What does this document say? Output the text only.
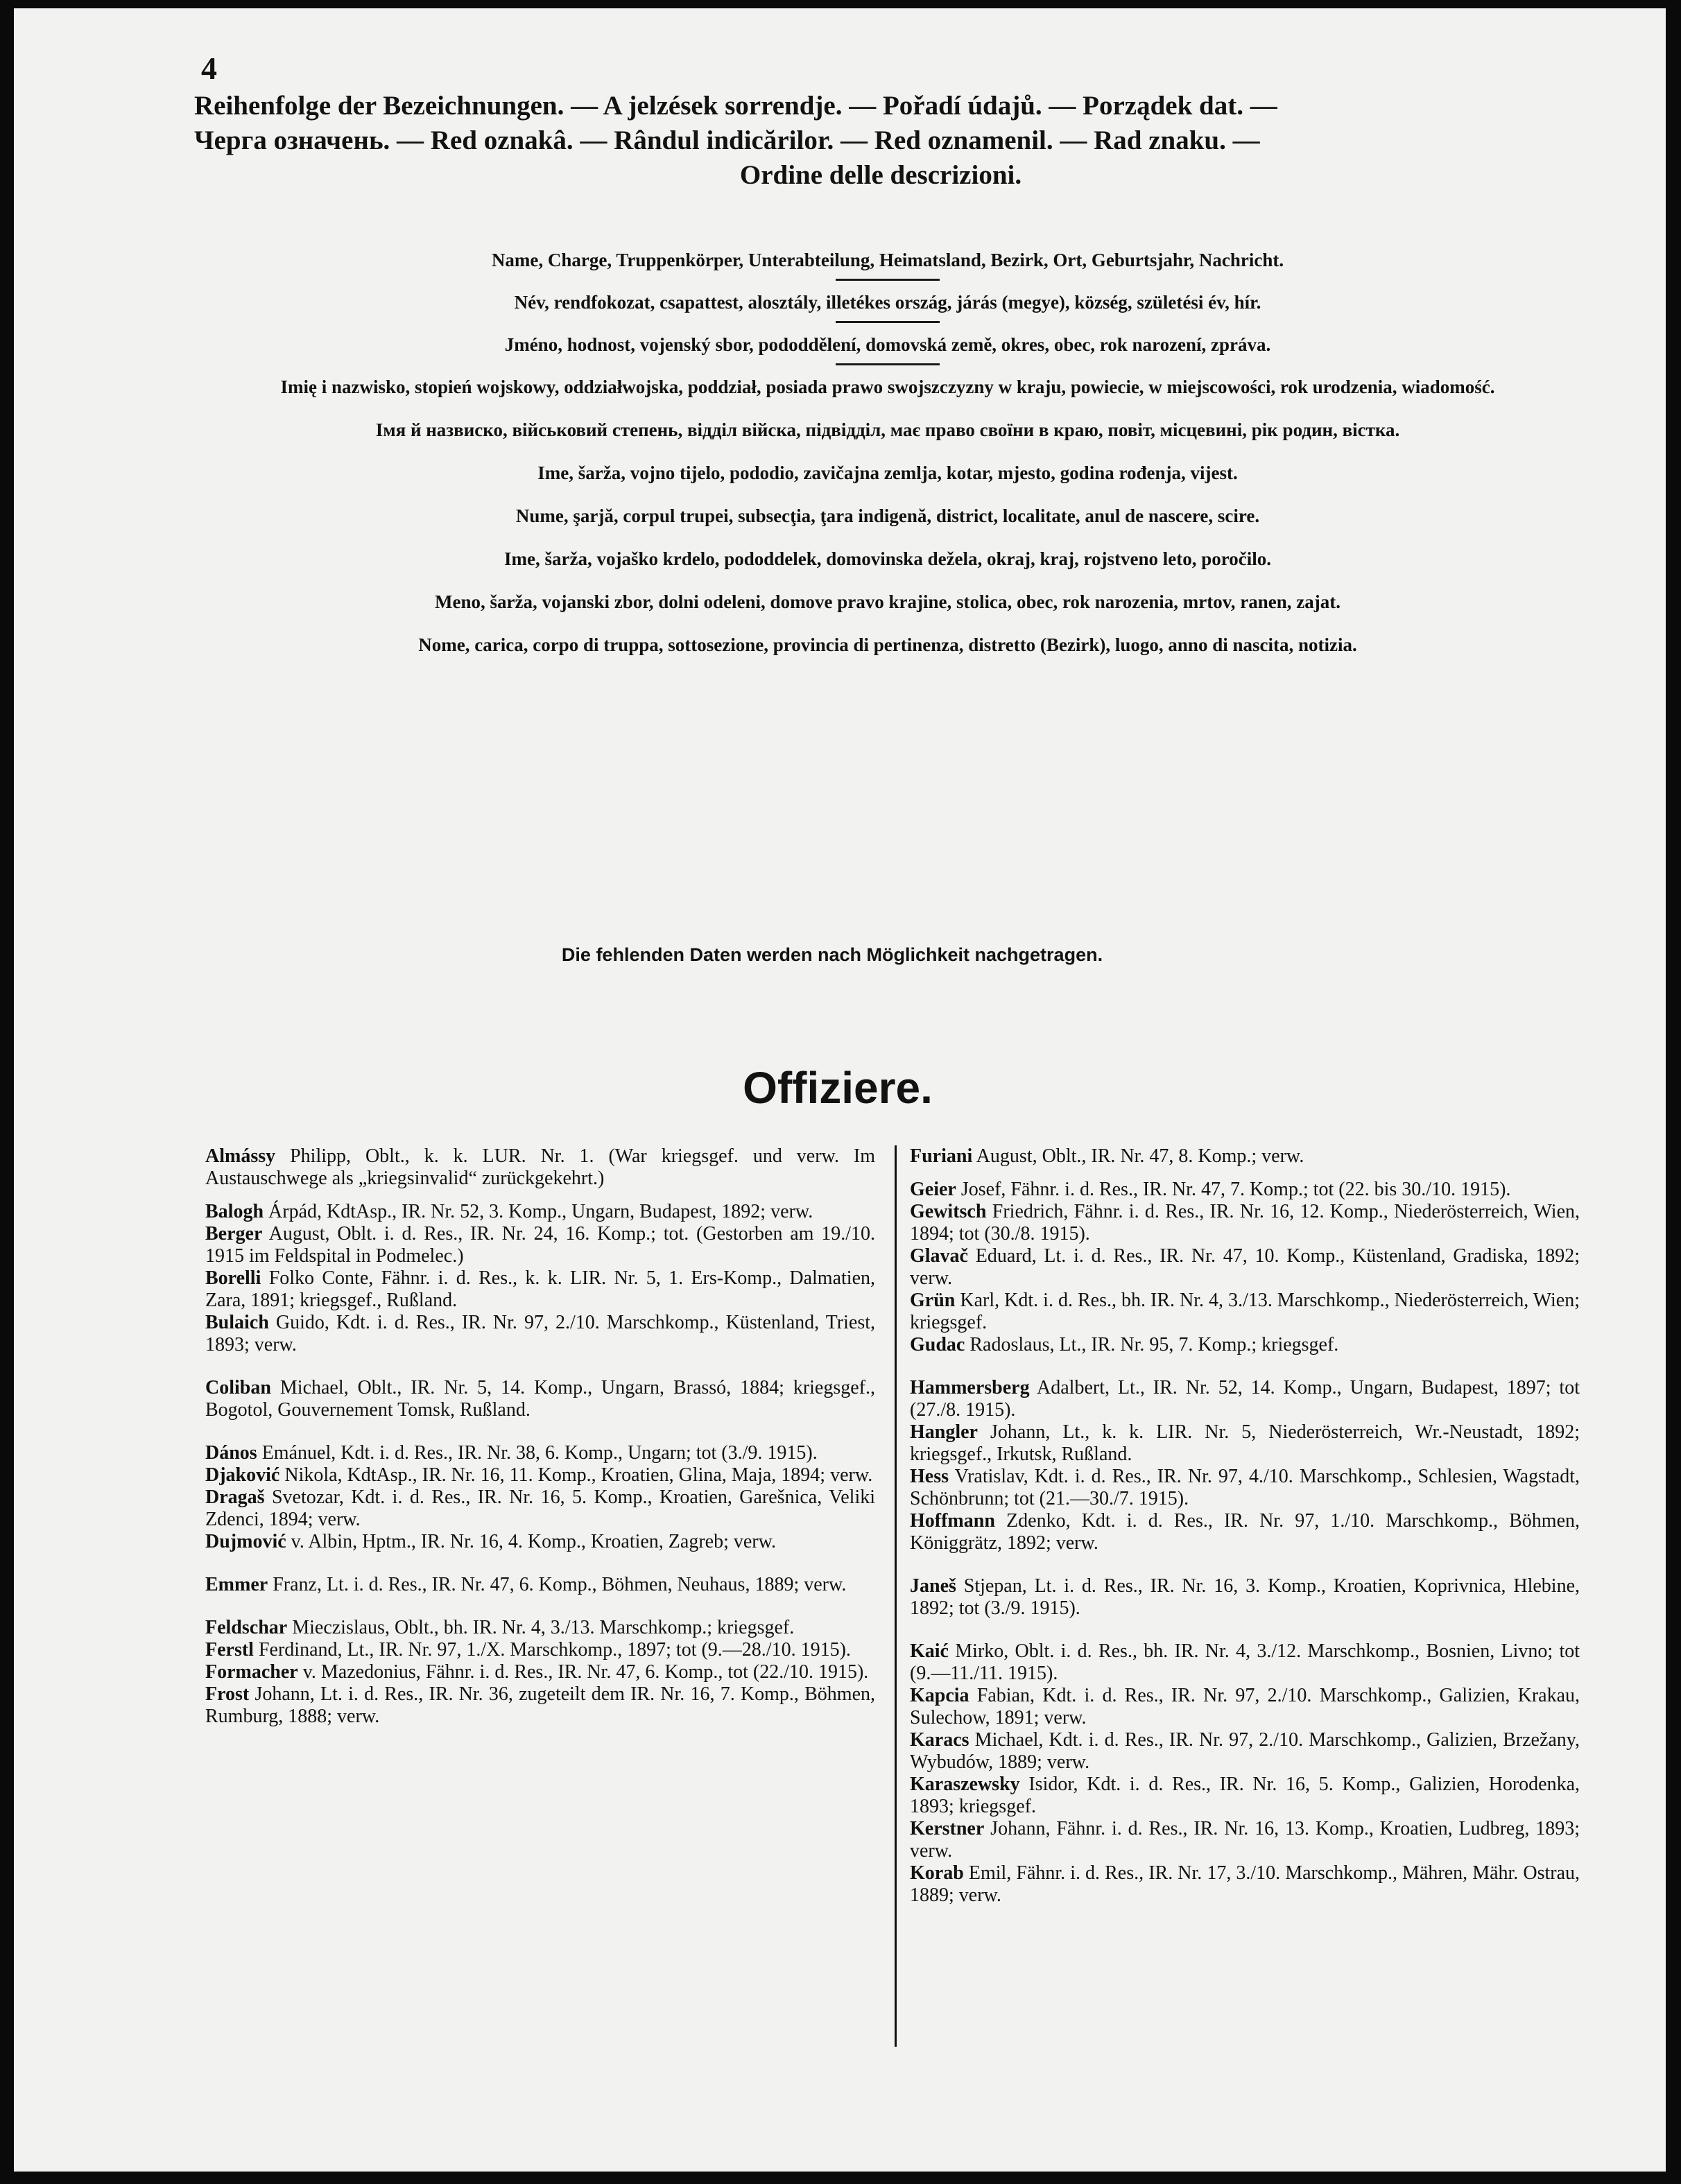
4
Reihenfolge der Bezeichnungen. — A jelzések sorrendje. — Pořadí údajů. — Porządek dat. —
Черга означень. — Red oznakâ. — Rândul indicărilor. — Red oznamenil. — Rad znaku. —
Ordine delle descrizioni.
Name, Charge, Truppenkörper, Unterabteilung, Heimatsland, Bezirk, Ort, Geburtsjahr, Nachricht.
Név, rendfokozat, csapattest, alosztály, illetékes ország, járás (megye), község, születési év, hír.
Jméno, hodnost, vojenský sbor, pododdělení, domovská země, okres, obec, rok narození, zpráva.
Imię i nazwisko, stopień wojskowy, oddziałwojska, poddział, posiada prawo swojszczyzny w kraju, powiecie, w miejscowości, rok urodzenia, wiadomość.
Імя й назвиско, військовий степень, відділ війска, підвідділ, має право своїни в краю, повіт, місцевині, рік родин, вістка.
Ime, šarža, vojno tijelo, pododio, zavičajna zemlja, kotar, mjesto, godina rođenja, vijest.
Nume, şarjă, corpul trupei, subsecţia, ţara indigenă, district, localitate, anul de nascere, scire.
Ime, šarža, vojaško krdelo, pododdelek, domovinska dežela, okraj, kraj, rojstveno leto, poročilo.
Meno, šarža, vojanski zbor, dolni odeleni, domove pravo krajine, stolica, obec, rok narozenia, mrtov, ranen, zajat.
Nome, carica, corpo di truppa, sottosezione, provincia di pertinenza, distretto (Bezirk), luogo, anno di nascita, notizia.
Die fehlenden Daten werden nach Möglichkeit nachgetragen.
Offiziere.
Almássy Philipp, Oblt., k. k. LUR. Nr. 1. (War kriegsgef. und verw. Im Austauschwege als „kriegsinvalid“ zurückgekehrt.)
Balogh Árpád, KdtAsp., IR. Nr. 52, 3. Komp., Ungarn, Budapest, 1892; verw.
Berger August, Oblt. i. d. Res., IR. Nr. 24, 16. Komp.; tot. (Gestorben am 19./10. 1915 im Feldspital in Podmelec.)
Borelli Folko Conte, Fähnr. i. d. Res., k. k. LIR. Nr. 5, 1. Ers-Komp., Dalmatien, Zara, 1891; kriegsgef., Rußland.
Bulaich Guido, Kdt. i. d. Res., IR. Nr. 97, 2./10. Marschkomp., Küstenland, Triest, 1893; verw.
Coliban Michael, Oblt., IR. Nr. 5, 14. Komp., Ungarn, Brassó, 1884; kriegsgef., Bogotol, Gouvernement Tomsk, Rußland.
Dános Emánuel, Kdt. i. d. Res., IR. Nr. 38, 6. Komp., Ungarn; tot (3./9. 1915).
Djaković Nikola, KdtAsp., IR. Nr. 16, 11. Komp., Kroatien, Glina, Maja, 1894; verw.
Dragaš Svetozar, Kdt. i. d. Res., IR. Nr. 16, 5. Komp., Kroatien, Garešnica, Veliki Zdenci, 1894; verw.
Dujmović v. Albin, Hptm., IR. Nr. 16, 4. Komp., Kroatien, Zagreb; verw.
Emmer Franz, Lt. i. d. Res., IR. Nr. 47, 6. Komp., Böhmen, Neuhaus, 1889; verw.
Feldschar Mieczislaus, Oblt., bh. IR. Nr. 4, 3./13. Marschkomp.; kriegsgef.
Ferstl Ferdinand, Lt., IR. Nr. 97, 1./X. Marschkomp., 1897; tot (9.—28./10. 1915).
Formacher v. Mazedonius, Fähnr. i. d. Res., IR. Nr. 47, 6. Komp., tot (22./10. 1915).
Frost Johann, Lt. i. d. Res., IR. Nr. 36, zugeteilt dem IR. Nr. 16, 7. Komp., Böhmen, Rumburg, 1888; verw.
Furiani August, Oblt., IR. Nr. 47, 8. Komp.; verw.
Geier Josef, Fähnr. i. d. Res., IR. Nr. 47, 7. Komp.; tot (22. bis 30./10. 1915).
Gewitsch Friedrich, Fähnr. i. d. Res., IR. Nr. 16, 12. Komp., Niederösterreich, Wien, 1894; tot (30./8. 1915).
Glavač Eduard, Lt. i. d. Res., IR. Nr. 47, 10. Komp., Küstenland, Gradiska, 1892; verw.
Grün Karl, Kdt. i. d. Res., bh. IR. Nr. 4, 3./13. Marschkomp., Niederösterreich, Wien; kriegsgef.
Gudac Radoslaus, Lt., IR. Nr. 95, 7. Komp.; kriegsgef.
Hammersberg Adalbert, Lt., IR. Nr. 52, 14. Komp., Ungarn, Budapest, 1897; tot (27./8. 1915).
Hangler Johann, Lt., k. k. LIR. Nr. 5, Niederösterreich, Wr.-Neustadt, 1892; kriegsgef., Irkutsk, Rußland.
Hess Vratislav, Kdt. i. d. Res., IR. Nr. 97, 4./10. Marschkomp., Schlesien, Wagstadt, Schönbrunn; tot (21.—30./7. 1915).
Hoffmann Zdenko, Kdt. i. d. Res., IR. Nr. 97, 1./10. Marschkomp., Böhmen, Königgrätz, 1892; verw.
Janeš Stjepan, Lt. i. d. Res., IR. Nr. 16, 3. Komp., Kroatien, Koprivnica, Hlebine, 1892; tot (3./9. 1915).
Kaić Mirko, Oblt. i. d. Res., bh. IR. Nr. 4, 3./12. Marschkomp., Bosnien, Livno; tot (9.—11./11. 1915).
Kapcia Fabian, Kdt. i. d. Res., IR. Nr. 97, 2./10. Marschkomp., Galizien, Krakau, Sulechow, 1891; verw.
Karacs Michael, Kdt. i. d. Res., IR. Nr. 97, 2./10. Marschkomp., Galizien, Brzežany, Wybudów, 1889; verw.
Karaszewsky Isidor, Kdt. i. d. Res., IR. Nr. 16, 5. Komp., Galizien, Horodenka, 1893; kriegsgef.
Kerstner Johann, Fähnr. i. d. Res., IR. Nr. 16, 13. Komp., Kroatien, Ludbreg, 1893; verw.
Korab Emil, Fähnr. i. d. Res., IR. Nr. 17, 3./10. Marschkomp., Mähren, Mähr. Ostrau, 1889; verw.
